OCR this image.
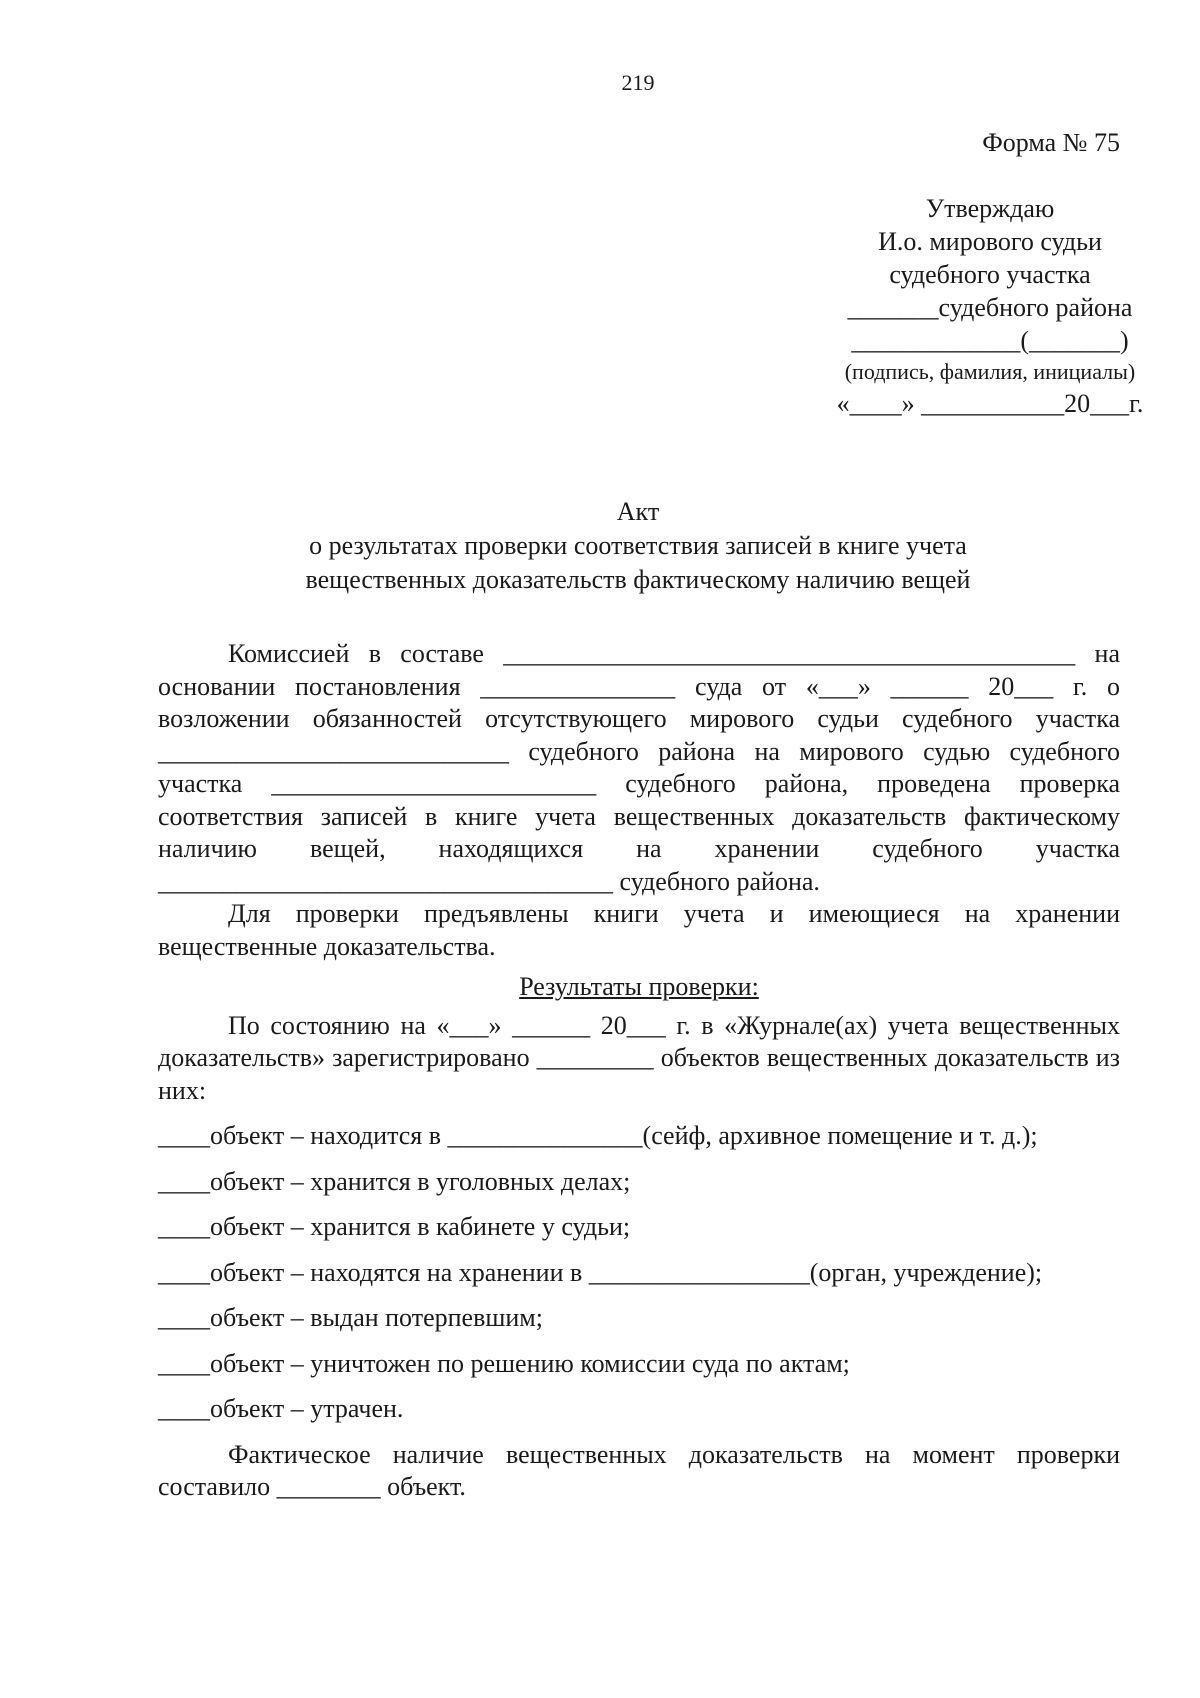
219
Форма № 75
Утверждаю
И.о. мирового судьи
судебного участка
_______судебного района
_____________(_______)
(подпись, фамилия, инициалы)
«____» ___________20___г.
Акт
о результатах проверки соответствия записей в книге учета
вещественных доказательств фактическому наличию вещей

Комиссией в составе ____________________________________________ на основании постановления _______________ суда от «___» ______ 20___ г. о возложении обязанностей отсутствующего мирового судьи судебного участка ___________________________ судебного района на мирового судью судебного участка _________________________ судебного района, проведена проверка соответствия записей в книге учета вещественных доказательств фактическому наличию вещей, находящихся на хранении судебного участка ___________________________________ судебного района.

Для проверки предъявлены книги учета и имеющиеся на хранении вещественные доказательства.

Результаты проверки:

По состоянию на «___» ______ 20___ г. в «Журнале(ах) учета вещественных доказательств» зарегистрировано _________ объектов вещественных доказательств из них:

____объект – находится в _______________(сейф, архивное помещение и т. д.);

____объект – хранится в уголовных делах;

____объект – хранится в кабинете у судьи;

____объект – находятся на хранении в _________________(орган, учреждение);

____объект – выдан потерпевшим;

____объект – уничтожен по решению комиссии суда по актам;

____объект – утрачен.

Фактическое наличие вещественных доказательств на момент проверки составило ________ объект.
